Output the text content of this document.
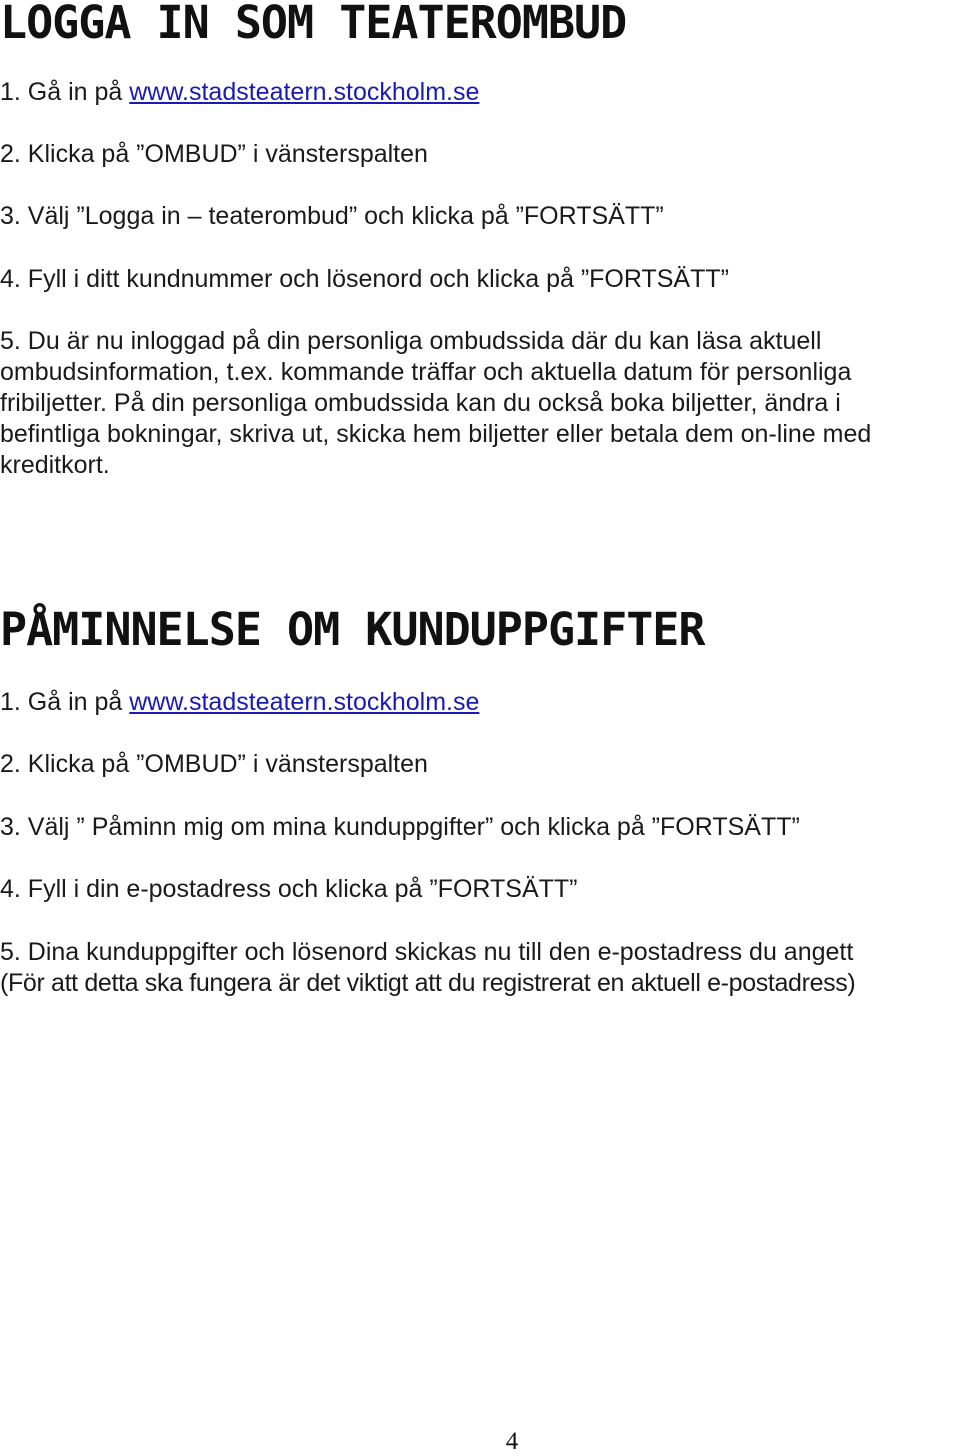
LOGGA IN SOM TEATEROMBUD

1. Gå in på www.stadsteatern.stockholm.se

2. Klicka på ”OMBUD” i vänsterspalten

3. Välj ”Logga in – teaterombud” och klicka på ”FORTSÄTT”

4. Fyll i ditt kundnummer och lösenord och klicka på ”FORTSÄTT”

5. Du är nu inloggad på din personliga ombudssida där du kan läsa aktuell
ombudsinformation, t.ex. kommande träffar och aktuella datum för personliga
fribiljetter. På din personliga ombudssida kan du också boka biljetter, ändra i
befintliga bokningar, skriva ut, skicka hem biljetter eller betala dem on-line med
kreditkort.
PÅMINNELSE OM KUNDUPPGIFTER

1. Gå in på www.stadsteatern.stockholm.se

2. Klicka på ”OMBUD” i vänsterspalten

3. Välj ” Påminn mig om mina kunduppgifter” och klicka på ”FORTSÄTT”

4. Fyll i din e-postadress och klicka på ”FORTSÄTT”

5. Dina kunduppgifter och lösenord skickas nu till den e-postadress du angett
(För att detta ska fungera är det viktigt att du registrerat en aktuell e-postadress)
4
